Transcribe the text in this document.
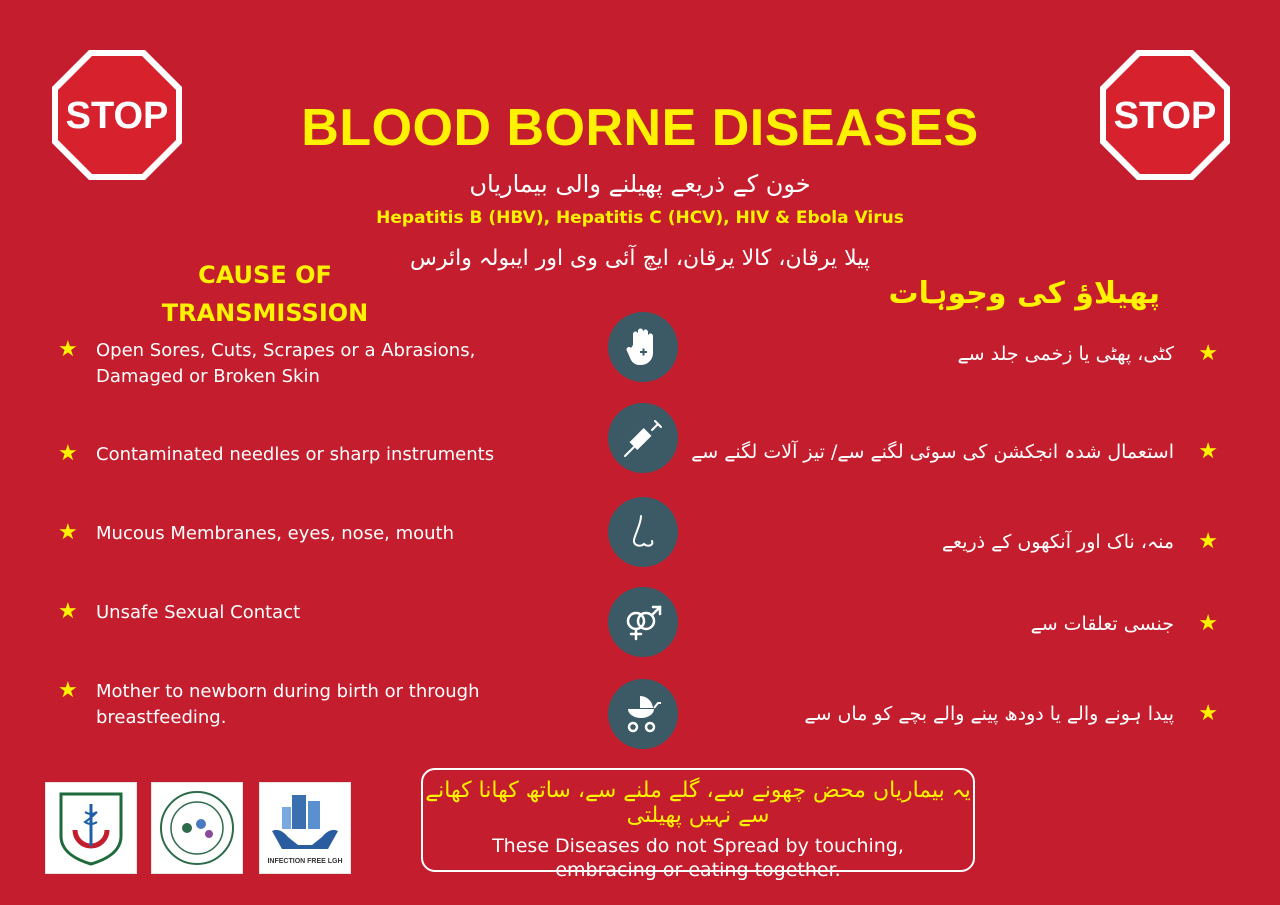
STOP	STOP
BLOOD BORNE DISEASES
خون کے ذریعے پھیلنے والی بیماریاں
Hepatitis B (HBV), Hepatitis C (HCV), HIV & Ebola Virus
پیلا یرقان، کالا یرقان، ایچ آئی وی اور ایبولہ وائرس
CAUSE OF
TRANSMISSION
پھیلاؤ کی وجوہات
★	Open Sores, Cuts, Scrapes or a Abrasions,
Damaged or Broken Skin
★
کٹی، پھٹی یا زخمی جلد سے
★	Contaminated needles or sharp instruments	★
استعمال شدہ انجکشن کی سوئی لگنے سے/ تیز آلات لگنے سے
★	Mucous Membranes, eyes, nose, mouth	★
منہ، ناک اور آنکھوں کے ذریعے
★	Unsafe Sexual Contact	★
جنسی تعلقات سے
★	Mother to newborn during birth or through
breastfeeding.	★
پیدا ہونے والے یا دودھ پینے والے بچے کو ماں سے
INFECTION FREE LGH
یہ بیماریاں محض چھونے سے، گلے ملنے سے، ساتھ کھانا کھانے سے نہیں پھیلتی
These Diseases do not Spread by touching,
embracing or eating together.
